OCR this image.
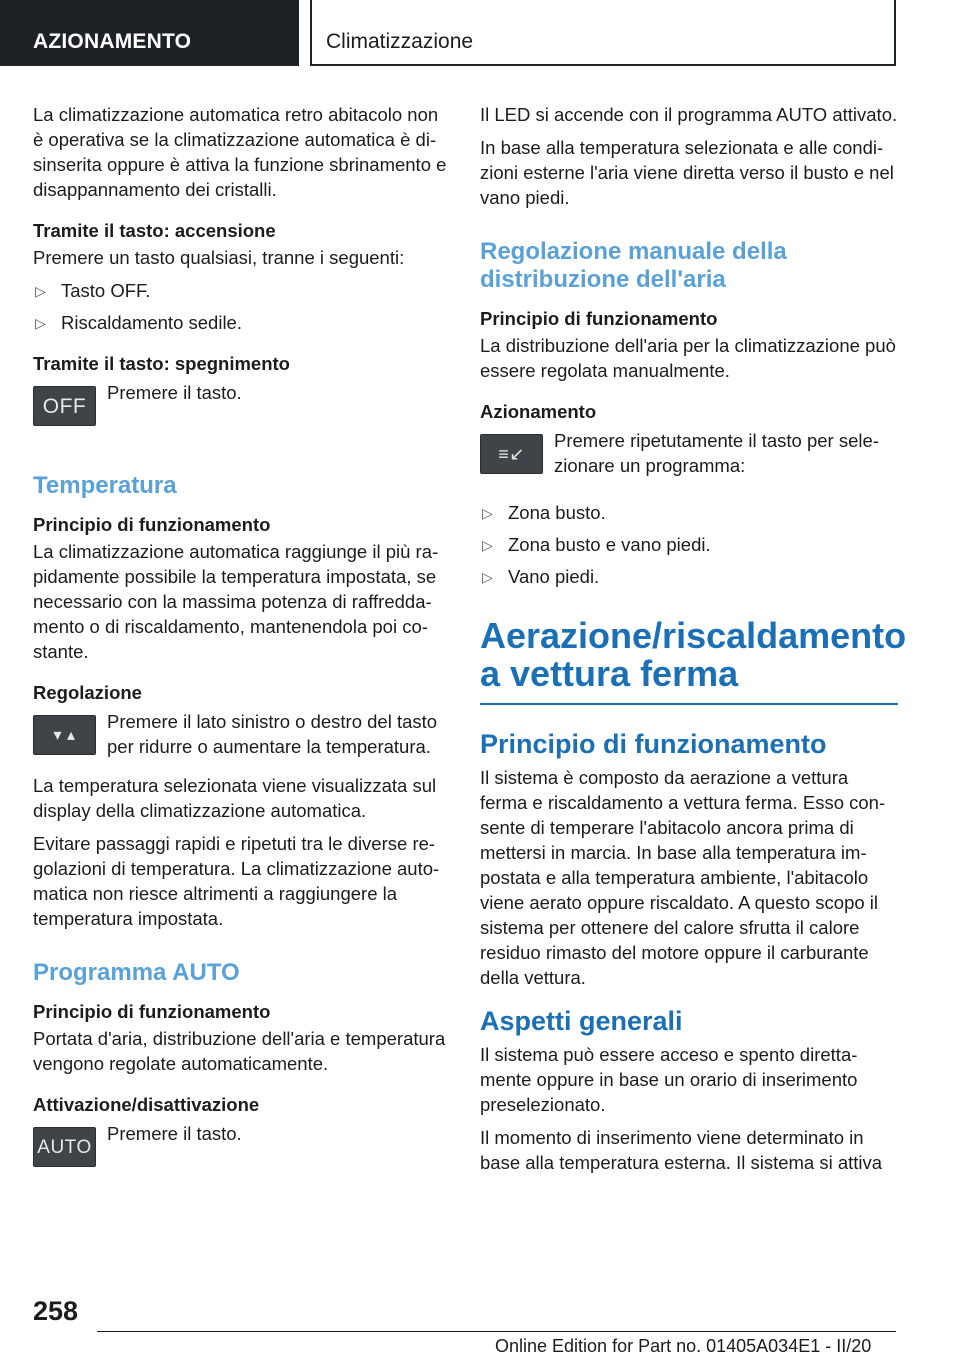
AZIONAMENTO	Climatizzazione

La climatizzazione automatica retro abitacolo non è operativa se la climatizzazione automatica è disinserita oppure è attiva la funzione sbrinamento e disappannamento dei cristalli.

Tramite il tasto: accensione

Premere un tasto qualsiasi, tranne i seguenti:

▷ Tasto OFF.
▷ Riscaldamento sedile.
Tramite il tasto: spegnimento
OFF
Premere il tasto.
Temperatura
Principio di funzionamento

La climatizzazione automatica raggiunge il più rapidamente possibile la temperatura impostata, se necessario con la massima potenza di raffreddamento o di riscaldamento, mantenendola poi costante.

Regolazione
▾ ▴
Premere il lato sinistro o destro del tasto per ridurre o aumentare la temperatura.

La temperatura selezionata viene visualizzata sul display della climatizzazione automatica.

Evitare passaggi rapidi e ripetuti tra le diverse regolazioni di temperatura. La climatizzazione automatica non riesce altrimenti a raggiungere la temperatura impostata.

Programma AUTO
Principio di funzionamento

Portata d'aria, distribuzione dell'aria e temperatura vengono regolate automaticamente.

Attivazione/disattivazione
AUTO
Premere il tasto.

Il LED si accende con il programma AUTO attivato.

In base alla temperatura selezionata e alle condizioni esterne l'aria viene diretta verso il busto e nel vano piedi.

Regolazione manuale della distribuzione dell'aria
Principio di funzionamento

La distribuzione dell'aria per la climatizzazione può essere regolata manualmente.

Azionamento
≡↙
Premere ripetutamente il tasto per selezionare un programma:
▷ Zona busto.
▷ Zona busto e vano piedi.
▷ Vano piedi.
Aerazione/riscaldamento a vettura ferma
Principio di funzionamento

Il sistema è composto da aerazione a vettura ferma e riscaldamento a vettura ferma. Esso consente di temperare l'abitacolo ancora prima di mettersi in marcia. In base alla temperatura impostata e alla temperatura ambiente, l'abitacolo viene aerato oppure riscaldato. A questo scopo il sistema per ottenere del calore sfrutta il calore residuo rimasto del motore oppure il carburante della vettura.

Aspetti generali

Il sistema può essere acceso e spento direttamente oppure in base un orario di inserimento preselezionato.

Il momento di inserimento viene determinato in base alla temperatura esterna. Il sistema si attiva

258
Online Edition for Part no. 01405A034E1 - II/20
